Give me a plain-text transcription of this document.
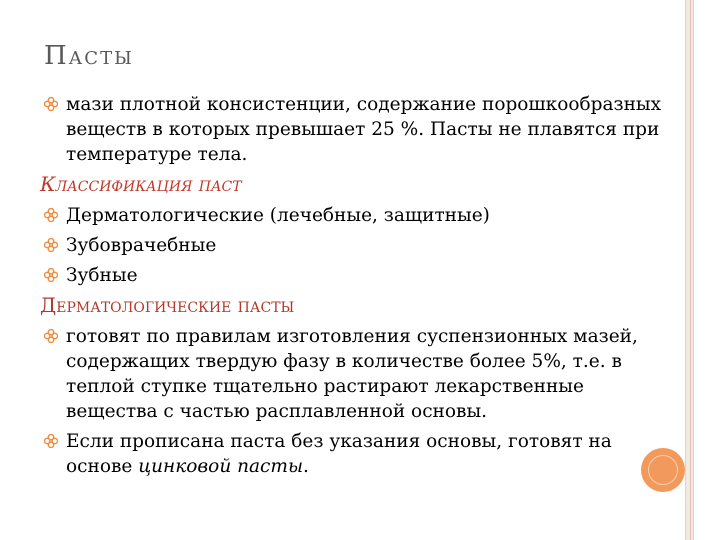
Пасты
мази плотной консистенции, содержание порошкообразных веществ в которых превышает 25 %. Пасты не плавятся при температуре тела.
Классификация паст
Дерматологические (лечебные, защитные)
Зубоврачебные
Зубные
Дерматологические пасты
готовят по правилам изготовления суспензионных мазей, содержащих твердую фазу в количестве более 5%, т.е. в теплой ступке тщательно растирают лекарственные вещества с частью расплавленной основы.
Если прописана паста без указания основы, готовят на основе цинковой пасты.
